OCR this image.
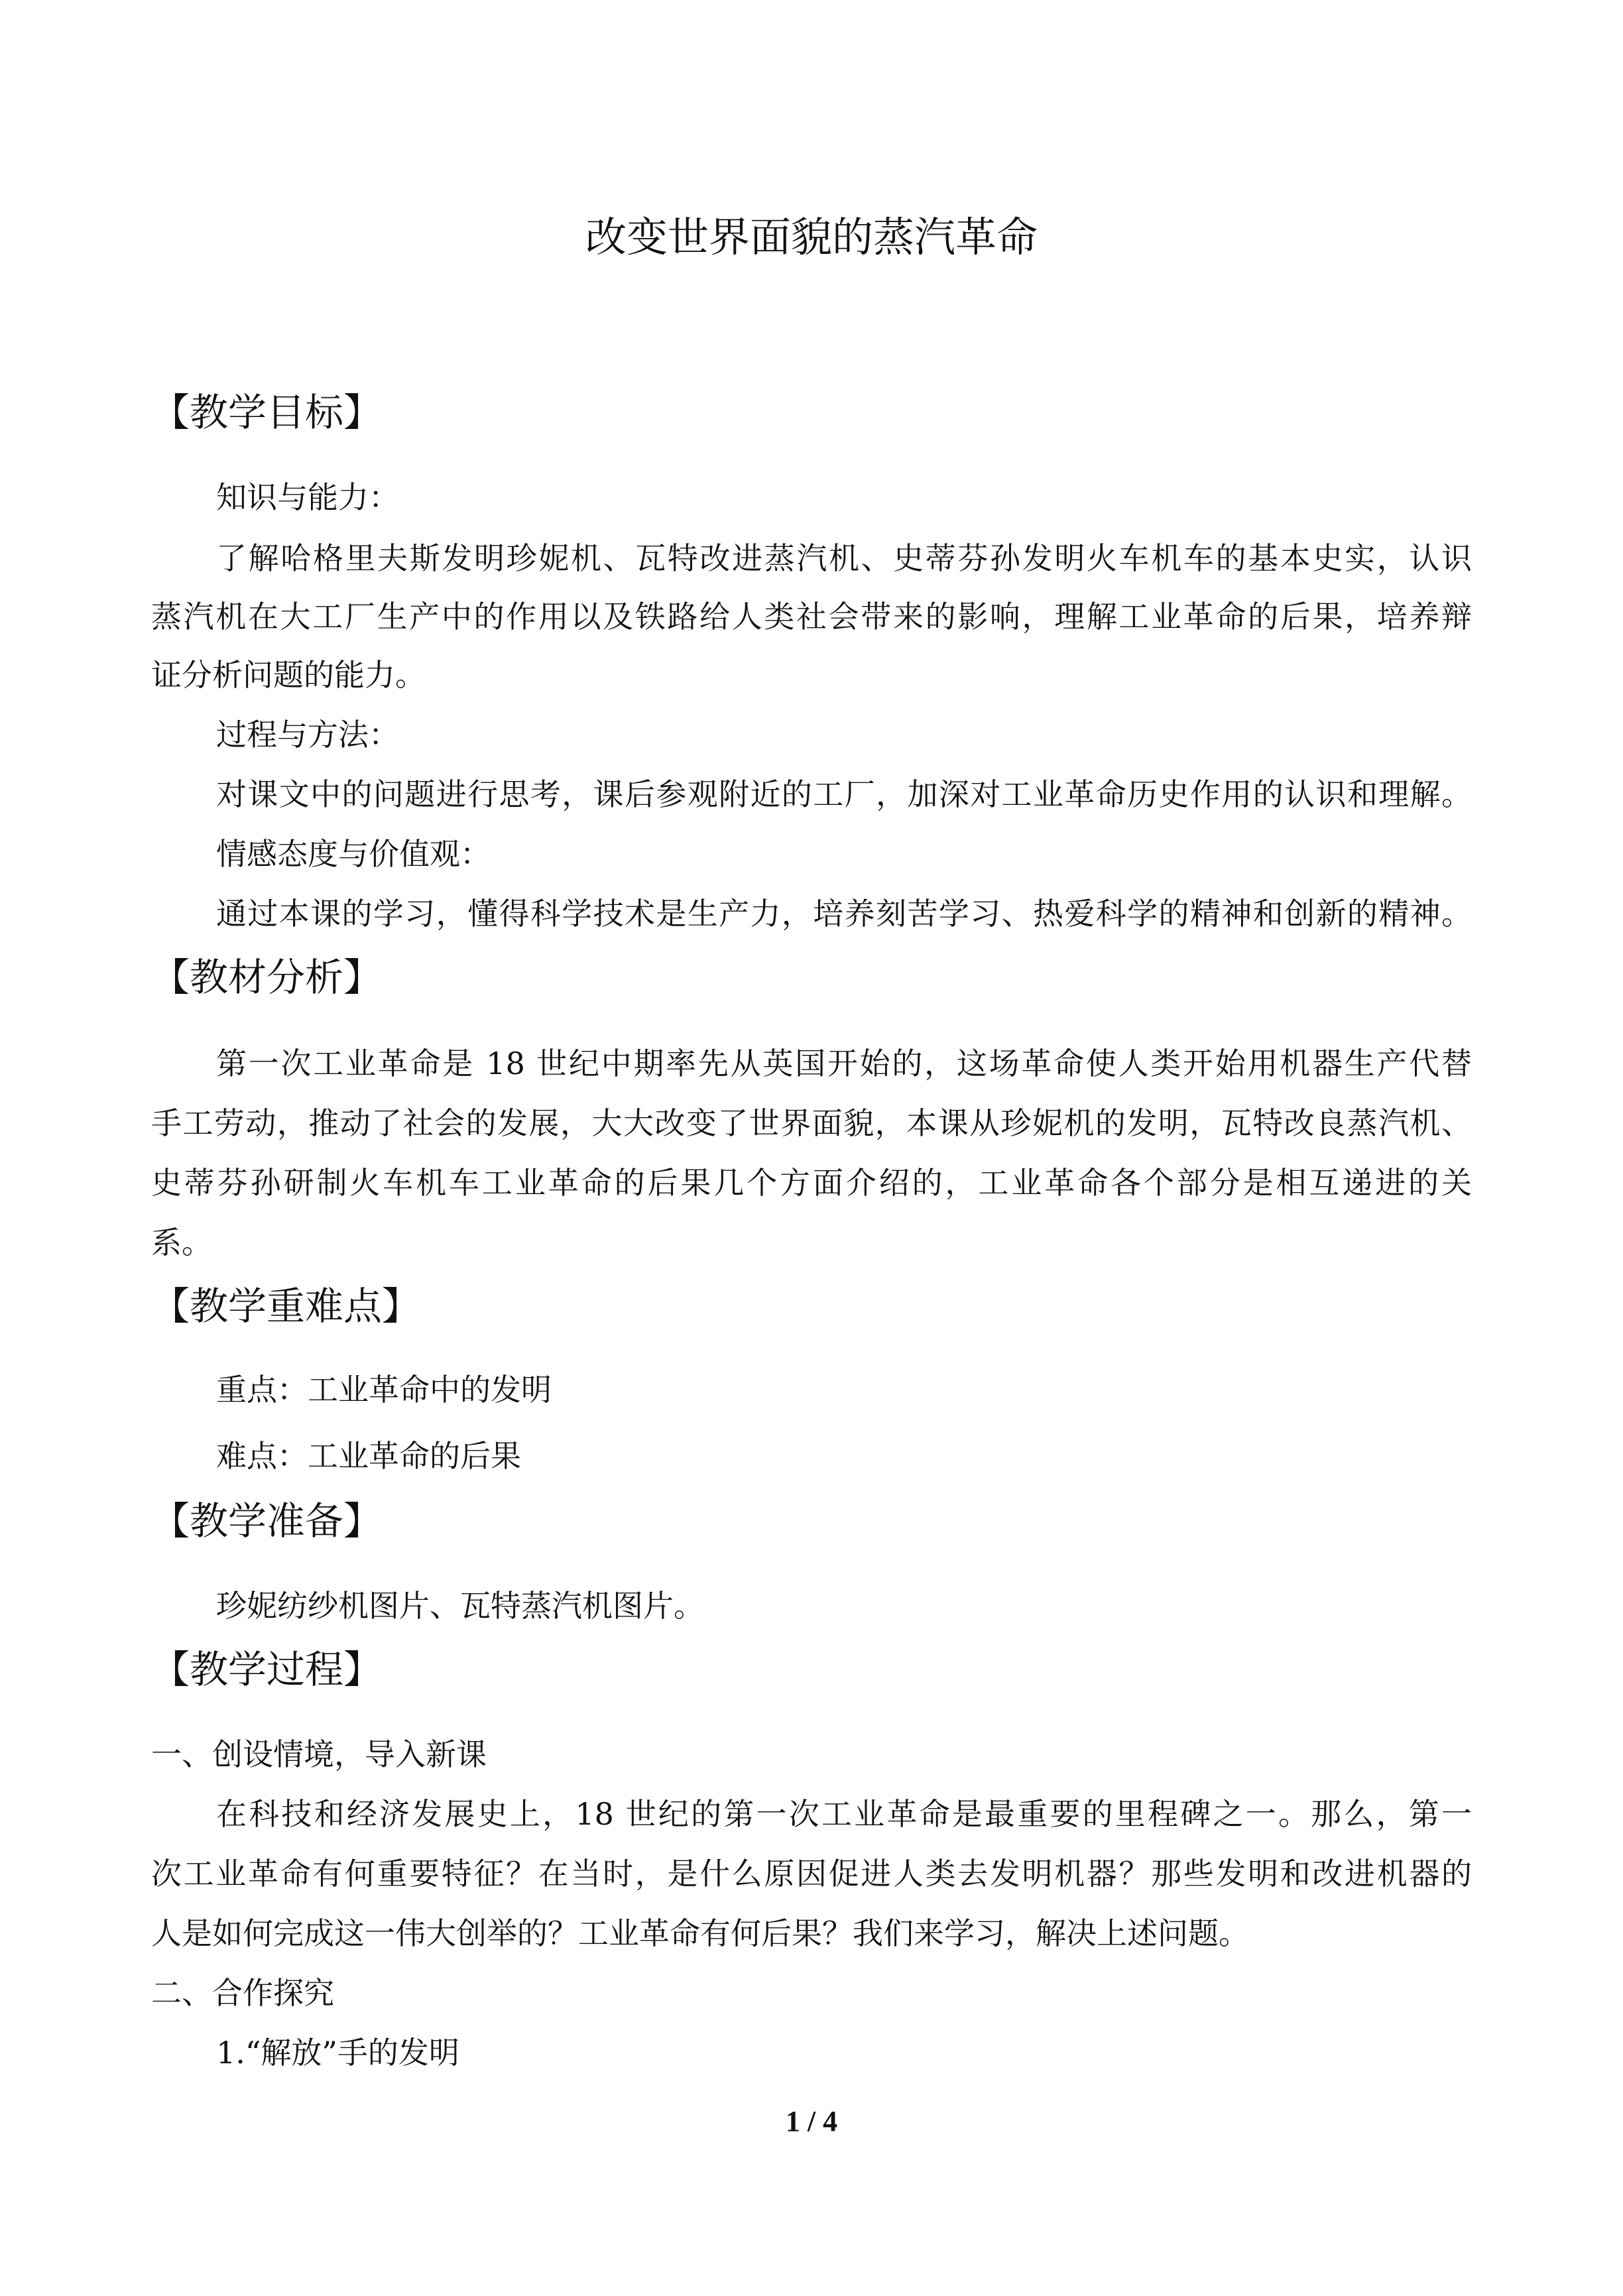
改变世界面貌的蒸汽革命
【教学目标】

知识与能力：

了解哈格里夫斯发明珍妮机、瓦特改进蒸汽机、史蒂芬孙发明火车机车的基本史实，认识

蒸汽机在大工厂生产中的作用以及铁路给人类社会带来的影响，理解工业革命的后果，培养辩

证分析问题的能力。

过程与方法：

对课文中的问题进行思考，课后参观附近的工厂，加深对工业革命历史作用的认识和理解。

情感态度与价值观：

通过本课的学习，懂得科学技术是生产力，培养刻苦学习、热爱科学的精神和创新的精神。

【教材分析】

第一次工业革命是 18 世纪中期率先从英国开始的，这场革命使人类开始用机器生产代替

手工劳动，推动了社会的发展，大大改变了世界面貌，本课从珍妮机的发明，瓦特改良蒸汽机、

史蒂芬孙研制火车机车工业革命的后果几个方面介绍的，工业革命各个部分是相互递进的关

系。

【教学重难点】

重点：工业革命中的发明

难点：工业革命的后果

【教学准备】

珍妮纺纱机图片、瓦特蒸汽机图片。

【教学过程】

一、创设情境，导入新课

在科技和经济发展史上，18 世纪的第一次工业革命是最重要的里程碑之一。那么，第一

次工业革命有何重要特征？在当时，是什么原因促进人类去发明机器？那些发明和改进机器的

人是如何完成这一伟大创举的？工业革命有何后果？我们来学习，解决上述问题。

二、合作探究

1.“解放”手的发明

1 / 4
